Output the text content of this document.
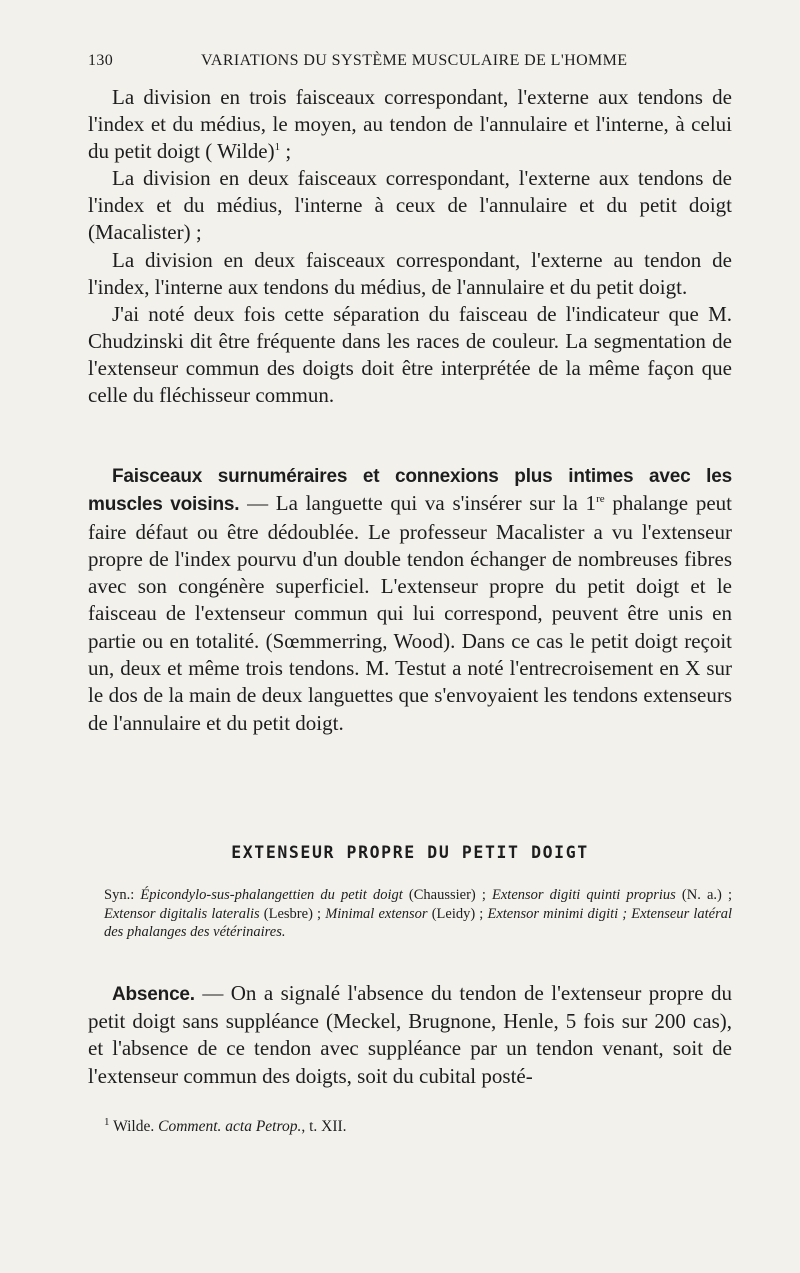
130	VARIATIONS DU SYSTÈME MUSCULAIRE DE L'HOMME

La division en trois faisceaux correspondant, l'externe aux tendons de l'index et du médius, le moyen, au tendon de l'annulaire et l'interne, à celui du petit doigt ( Wilde)$^1$ ;

La division en deux faisceaux correspondant, l'externe aux tendons de l'index et du médius, l'interne à ceux de l'annulaire et du petit doigt (Macalister) ;

La division en deux faisceaux correspondant, l'externe au tendon de l'index, l'interne aux tendons du médius, de l'annulaire et du petit doigt.

J'ai noté deux fois cette séparation du faisceau de l'indicateur que M. Chudzinski dit être fréquente dans les races de couleur. La segmentation de l'extenseur commun des doigts doit être interprétée de la même façon que celle du fléchisseur commun.

Faisceaux surnuméraires et connexions plus intimes avec les muscles voisins. — La languette qui va s'insérer sur la 1re phalange peut faire défaut ou être dédoublée. Le professeur Macalister a vu l'extenseur propre de l'index pourvu d'un double tendon échanger de nombreuses fibres avec son congénère superficiel. L'extenseur propre du petit doigt et le faisceau de l'extenseur commun qui lui correspond, peuvent être unis en partie ou en totalité. (Sœmmerring, Wood). Dans ce cas le petit doigt reçoit un, deux et même trois tendons. M. Testut a noté l'entrecroisement en X sur le dos de la main de deux languettes que s'envoyaient les tendons extenseurs de l'annulaire et du petit doigt.

EXTENSEUR PROPRE DU PETIT DOIGT
Syn.: Épicondylo-sus-phalangettien du petit doigt (Chaussier) ; Extensor digiti quinti proprius (N. a.) ; Extensor digitalis lateralis (Lesbre) ; Minimal extensor (Leidy) ; Extensor minimi digiti ; Extenseur latéral des phalanges des vétérinaires.

Absence. — On a signalé l'absence du tendon de l'extenseur propre du petit doigt sans suppléance (Meckel, Brugnone, Henle, 5 fois sur 200 cas), et l'absence de ce tendon avec suppléance par un tendon venant, soit de l'extenseur commun des doigts, soit du cubital posté-

$^1$ Wilde. Comment. acta Petrop., t. XII.
